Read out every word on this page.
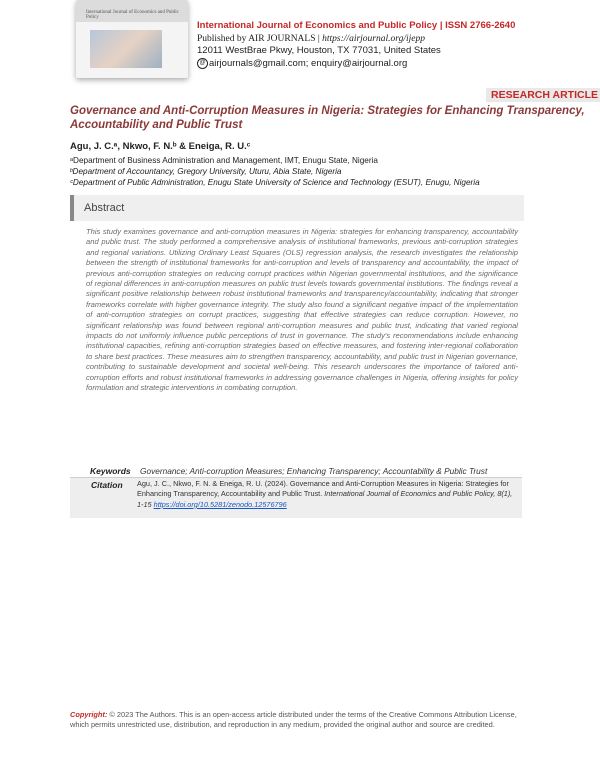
International Journal of Economics and Public Policy
International Journal of Economics and Public Policy | ISSN 2766-2640
Published by AIR JOURNALS | https://airjournal.org/ijepp
12011 WestBrae Pkwy, Houston, TX 77031, United States
@ airjournals@gmail.com; enquiry@airjournal.org
RESEARCH ARTICLE
Governance and Anti-Corruption Measures in Nigeria: Strategies for Enhancing Transparency, Accountability and Public Trust
Agu, J. C.ᵃ, Nkwo, F. N.ᵇ & Eneiga, R. U.ᶜ
ᵃDepartment of Business Administration and Management, IMT, Enugu State, Nigeria
ᵇDepartment of Accountancy, Gregory University, Uturu, Abia State, Nigeria
ᶜDepartment of Public Administration, Enugu State University of Science and Technology (ESUT), Enugu, Nigeria
Abstract
This study examines governance and anti-corruption measures in Nigeria: strategies for enhancing transparency, accountability and public trust. The study performed a comprehensive analysis of institutional frameworks, previous anti-corruption strategies and regional variations. Utilizing Ordinary Least Squares (OLS) regression analysis, the research investigates the relationship between the strength of institutional frameworks for anti-corruption and levels of transparency and accountability, the impact of previous anti-corruption strategies on reducing corrupt practices within Nigerian governmental institutions, and the significance of regional differences in anti-corruption measures on public trust levels towards governmental institutions. The findings reveal a significant positive relationship between robust institutional frameworks and transparency/accountability, indicating that stronger frameworks correlate with higher governance integrity. The study also found a significant negative impact of the implementation of anti-corruption strategies on corrupt practices, suggesting that effective strategies can reduce corruption. However, no significant relationship was found between regional anti-corruption measures and public trust, indicating that varied regional impacts do not uniformly influence public perceptions of trust in governance. The study's recommendations include enhancing institutional capacities, refining anti-corruption strategies based on effective measures, and fostering inter-regional collaboration to share best practices. These measures aim to strengthen transparency, accountability, and public trust in Nigerian governance, contributing to sustainable development and societal well-being. This research underscores the importance of tailored anti-corruption efforts and robust institutional frameworks in addressing governance challenges in Nigeria, offering insights for policy formulation and strategic interventions in combating corruption.
Keywords Governance; Anti-corruption Measures; Enhancing Transparency; Accountability & Public Trust
Citation Agu, J. C., Nkwo, F. N. & Eneiga, R. U. (2024). Governance and Anti-Corruption Measures in Nigeria: Strategies for Enhancing Transparency, Accountability and Public Trust. International Journal of Economics and Public Policy, 8(1), 1-15 https://doi.org/10.5281/zenodo.12576796
Copyright: © 2023 The Authors. This is an open-access article distributed under the terms of the Creative Commons Attribution License, which permits unrestricted use, distribution, and reproduction in any medium, provided the original author and source are credited.
